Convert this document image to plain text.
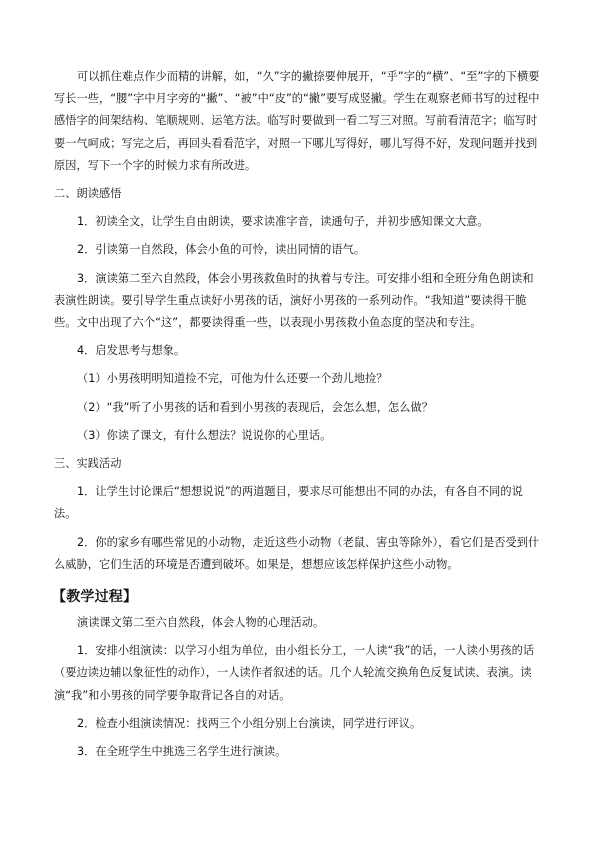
可以抓住难点作少而精的讲解，如，“久”字的撇捺要伸展开，“乎”字的“横”、“至”字的下横要写长一些，“腰”字中月字旁的“撇”、“被”中“皮”的“撇”要写成竖撇。学生在观察老师书写的过程中感悟字的间架结构、笔顺规则、运笔方法。临写时要做到一看二写三对照。写前看清范字；临写时要一气呵成；写完之后，再回头看看范字，对照一下哪儿写得好，哪儿写得不好，发现问题并找到原因，写下一个字的时候力求有所改进。

二、朗读感悟

1．初读全文，让学生自由朗读，要求读准字音，读通句子，并初步感知课文大意。

2．引读第一自然段，体会小鱼的可怜，读出同情的语气。

3．演读第二至六自然段，体会小男孩救鱼时的执着与专注。可安排小组和全班分角色朗读和表演性朗读。要引导学生重点读好小男孩的话，演好小男孩的一系列动作。“我知道”要读得干脆些。文中出现了六个“这”，都要读得重一些，以表现小男孩救小鱼态度的坚决和专注。

4．启发思考与想象。

（1）小男孩明明知道捡不完，可他为什么还要一个劲儿地捡？

（2）“我”听了小男孩的话和看到小男孩的表现后，会怎么想，怎么做？

（3）你读了课文，有什么想法？说说你的心里话。

三、实践活动

1．让学生讨论课后“想想说说”的两道题目，要求尽可能想出不同的办法，有各自不同的说法。

2．你的家乡有哪些常见的小动物，走近这些小动物（老鼠、害虫等除外），看它们是否受到什么威胁，它们生活的环境是否遭到破坏。如果是，想想应该怎样保护这些小动物。

【教学过程】

演读课文第二至六自然段，体会人物的心理活动。

1．安排小组演读：以学习小组为单位，由小组长分工，一人读“我”的话，一人读小男孩的话（要边读边辅以象征性的动作），一人读作者叙述的话。几个人轮流交换角色反复试读、表演。读演“我”和小男孩的同学要争取背记各自的对话。

2．检查小组演读情况：找两三个小组分别上台演读，同学进行评议。

3．在全班学生中挑选三名学生进行演读。
